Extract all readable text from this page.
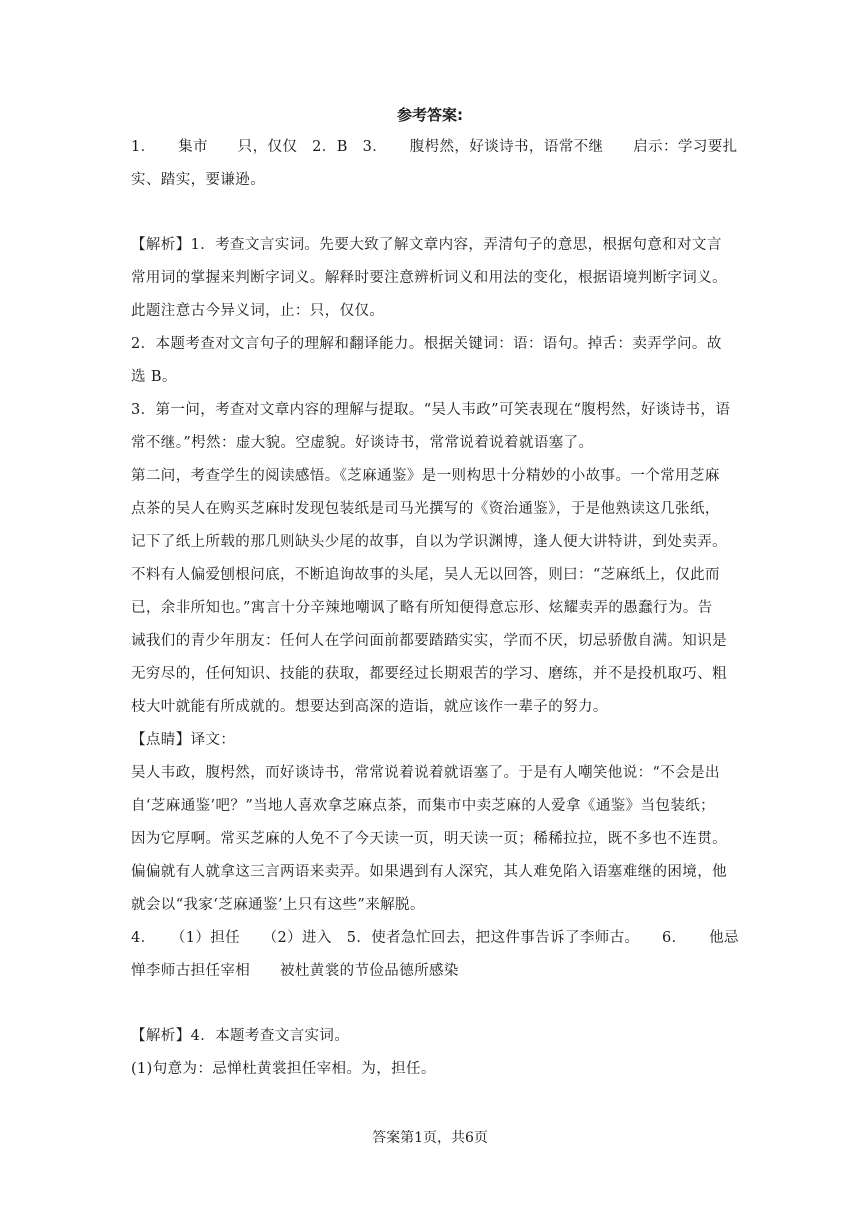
参考答案:
1．　　集市　　只，仅仅　2．B　3．　　腹枵然，好谈诗书，语常不继　　启示：学习要扎
实、踏实，要谦逊。
【解析】1．考查文言实词。先要大致了解文章内容，弄清句子的意思，根据句意和对文言
常用词的掌握来判断字词义。解释时要注意辨析词义和用法的变化，根据语境判断字词义。
此题注意古今异义词，止：只，仅仅。
2．本题考查对文言句子的理解和翻译能力。根据关键词：语：语句。掉舌：卖弄学问。故
选 B。
3．第一问，考查对文章内容的理解与提取。“吴人韦政”可笑表现在“腹枵然，好谈诗书，语
常不继。”枵然：虚大貌。空虚貌。好谈诗书，常常说着说着就语塞了。
第二问，考查学生的阅读感悟。《芝麻通鉴》是一则构思十分精妙的小故事。一个常用芝麻
点茶的吴人在购买芝麻时发现包装纸是司马光撰写的《资治通鉴》，于是他熟读这几张纸，
记下了纸上所载的那几则缺头少尾的故事，自以为学识渊博，逢人便大讲特讲，到处卖弄。
不料有人偏爱刨根问底，不断追询故事的头尾，吴人无以回答，则曰：“芝麻纸上，仅此而
已，余非所知也。”寓言十分辛辣地嘲讽了略有所知便得意忘形、炫耀卖弄的愚蠢行为。告
诫我们的青少年朋友：任何人在学问面前都要踏踏实实，学而不厌，切忌骄傲自满。知识是
无穷尽的，任何知识、技能的获取，都要经过长期艰苦的学习、磨练，并不是投机取巧、粗
枝大叶就能有所成就的。想要达到高深的造诣，就应该作一辈子的努力。
【点睛】译文：
吴人韦政，腹枵然，而好谈诗书，常常说着说着就语塞了。于是有人嘲笑他说：“不会是出
自‘芝麻通鉴’吧？”当地人喜欢拿芝麻点茶，而集市中卖芝麻的人爱拿《通鉴》当包装纸；
因为它厚啊。常买芝麻的人免不了今天读一页，明天读一页；稀稀拉拉，既不多也不连贯。
偏偏就有人就拿这三言两语来卖弄。如果遇到有人深究，其人难免陷入语塞难继的困境，他
就会以“我家‘芝麻通鉴’上只有这些”来解脱。
4．　　（1）担任　　（2）进入　5．使者急忙回去，把这件事告诉了李师古。　　6．　　他忌
惮李师古担任宰相　　被杜黄裳的节俭品德所感染
【解析】4．本题考查文言实词。
(1)句意为：忌惮杜黄裳担任宰相。为，担任。
答案第1页，共6页
